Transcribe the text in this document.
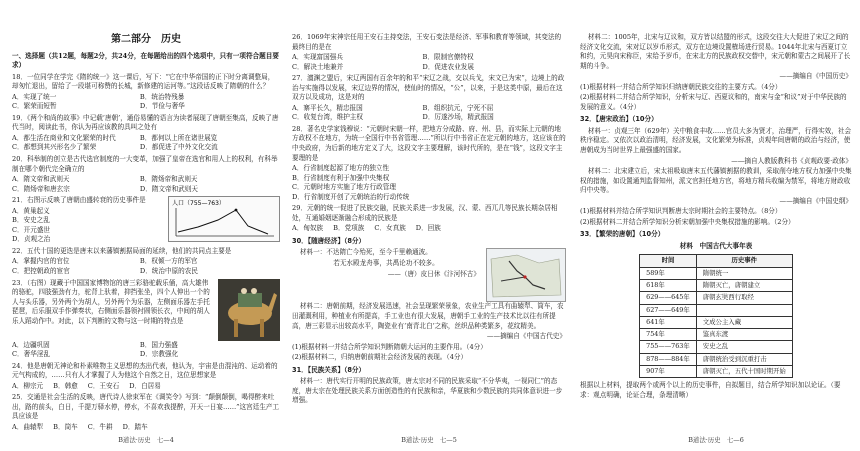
第二部分　历史

一、选择题（共12题，每题2分，共24分，在每题给出的四个选项中，只有一项符合题目要求）

18．一位同学在学完《隋的统一》这一课后，写下：“它在中华帝国的正下时分离调整局，却匆忙退出，留给了一段堪可称赞的长城，新修建的运河等。”这段话反映了隋朝的什么？

A．实现了统一	B．统治特残暴C．繁荣而短暂	D．节俭与奢华

19．《两个和尚的故事》中记载‘唐朝’，通俗易懂的语言为读者展现了唐朝至集高，反映了唐代当时，阅读此书，你认为再应该教的具叫之处有

A．都生活在商业和文化繁荣的时代	B．都何以上所在诸世展览C．都想到其兴形名少了繁荣	D．都促进了中外文化交流

20．科举制的创立是古代选官制度的一大变革，加强了皇帝在选官和用人上的权利，有科举制在哪个朝代完全确立的

A．隋文帝和武则天	B．隋炀帝和武则天C．隋炀帝和唐玄宗	D．隋文帝和武则天

21．右图示反映了唐朝由盛转衰的历史事件是

A．黄巢起义
B．安史之乱
C．开元盛世
D．贞观之治

人口（755—763）

22．五代十国的更迭是唐末以来藩镇割据局面的延续，他们的共同点主要是

A．掌握内官的官位	B．权倾一方的军官C．把控朝政的宦官	D．统治中原的农民

23．（右图）现藏于中国国家博物馆的唐三彩骆驼载乐俑，高大雄伟的骆驼，四肢强劲有力，驼背上驮着，抑挡张坐，四个人伸出一个的人与头乐器，另外两个为胡人，另外两个为乐器，左侧面乐器左手托琵琶，后乐服双手作弹奏状，右侧面乐器领衬圆领长衣，中间的胡人乐人蹈动作中。对此，以下判断的文物与这一时期的特点是

A．边疆巩固	B．国力强盛C．奢华淫乱	D．宗教强化

24．他是唐朝无神论和朴素唯物主义思想的杰出代表，他认为，宇宙是由混沌的、运动着的元气构成的，……只有人才掌握了人为他这个自然之日，这位思想家是

A．柳宗元 B．韩愈 C．王安石 D．白居易

25．交通是社会生活的反映，唐代诗人徐束军在《调笑令》写到：“颠倒颠倒，喝得醉来吐出，路的前头，白日，千提万驿水停，停水，不喜欢我提醉，开天一日宴……”这宫廷生产工具应该是

A．曲辕犁 B．筒车 C．牛耕 D．踏车

B道法·历史　七—4

26．1069年宋神宗任用王安石主持变法，王安石变法是经济、军事和教育等领域，其变法的最终目的是在

A．实现富国强兵	B．限制官僚特权C．解决土地兼并	D．促进农业发展

27．澶渊之盟后，宋辽两国有百余年的和平“宋辽之战，交以兵戈，宋文已为宋”，边境上的政治与实施得以发展，宋辽边界的情况，使仙时的情况，“公”，以来，于是这类中原，最后在这双方以及成功，这是对的

A．寨平长久，精忠报国	B．组织抗元，宁死不屈C．收复台湾，维护主权	D．厉遂沙场，精武报国

28．著名史学家钱穆说：“元朝时宋朝一样，把地方分成路、府、州、县，而实际上元朝的地方政权不在地方，为统一全国行中书省管理……”所以行中书省正在定元朝的地方，这应该在的中央政府，为后新的地方定义了大，这段文字主要理解，该时代所的，是在“钱”，这段文字主要理的是

A．行省制度起源了地方的独立性
B．行省制度有利于加强中央集权
C．元朝时地方实施了地方行政管理
D．行省制度开创了元朝统治的行动传统

29．元朝的统一促进了民族交融，民族关系进一步发展，汉、蒙、西兀几等民族长期杂居相处，互通婚姻逐渐融合形成的民族是

A．甸奴族 B．党项族 C．女真族 D．回族

30．【随唐经济】（8分）

材料一：不达隋亡今殆死，至今千里赖通波。

若无水殿龙舟事，共禹论功不较多。

——（唐）皮日休《汴河怀古》

材料二：唐朝前期，经济发展迅速，社会呈现繁荣景象，农业生产工具有曲辕犁、筒车，农田灌溉利用，种植业有所提高，手工业也有很大发展，唐朝手工业的生产技术比以往有所提高，唐三彩显示出较高水平，陶瓷业有‘南青北白’之称，丝织品种类繁多，花纹精美。

——摘编自《中国古代史》

(1)根据材料一并结合所学知识判断隋朝大运河的主要作用。（4分）

(2)根据材料二，归纳唐朝前期社会经济发展的表现。（4分）

31．【民族关系】（8分）

材料一：唐代实行开明的民族政策，唐太宗对不同的民族采取“不分华夷，一视同仁”的态度，唐太宗在处理民族关系方面创造性的有民族和亲，华夏族和少数民族的共同体意识进一步增强。

B道法·历史　七—5

材料二：1005年，北宋与辽议和，双方皆以结盟的形式，这段交往大大促进了宋辽之间的经济文化交流，宋对辽以岁币形式，双方在边境设置榷场进行贸易。1044年北宋与西夏订立和约，元昊向宋称臣，宋给予岁币，在宋北方的民族政权交替中，宋元朝和蒙古之间展开了长期的斗争。

——摘编自《中国历史》

(1)根据材料一并结合所学知识归纳唐朝民族交往的主要方式。（4分）

(2)根据材料二并结合所学知识，分析宋与辽、西夏议和的，南宋与金“和议”对于中华民族的发展的意义。（4分）

32．【唐宋政治】（10分）

材料一：贞观三年（629年）关中粮食丰收……官员大多为贤才，治理严，行得实效，社会秩序稳定。又依次以政治清明，经济发展，文化繁荣为标准，贞观年间唐朝的政治与经济，使唐朝成为当时世界上最强盛的国家。

——摘自人教版教科书《贞观政要·政体》

材料二：北宋建立后，宋太祖吸取唐末五代藩镇割据的教训，采取削夺地方权力加强中央集权的措施，如设置通判监督知州，派文官担任地方官，将地方精兵收编为禁军，将地方财政收归中央等。

——摘编自《中国史纲》

(1)根据材料并结合所学知识判断唐太宗时期社会的主要特点。（8分）

(2)根据材料二并结合所学知识分析宋朝加强中央集权措施的影响。（2分）

33．【繁荣的唐朝】（10分）

材料　中国古代大事年表

时间	历史事件
589年	隋朝统一
618年	隋朝灭亡，唐朝建立
629——645年	唐朝玄奘西行取经
627——649年	
641年	文成公主入藏
754年	鉴真东渡
755——763年	安史之乱
878——884年	唐朝统治受到沉重打击
907年	唐朝灭亡，五代十国时期开始

根据以上材料，提取两个或两个以上的历史事件，自拟题目，结合所学知识加以论证。（要求：观点明确，论证合理，条理清晰）

B道法·历史　七—6
